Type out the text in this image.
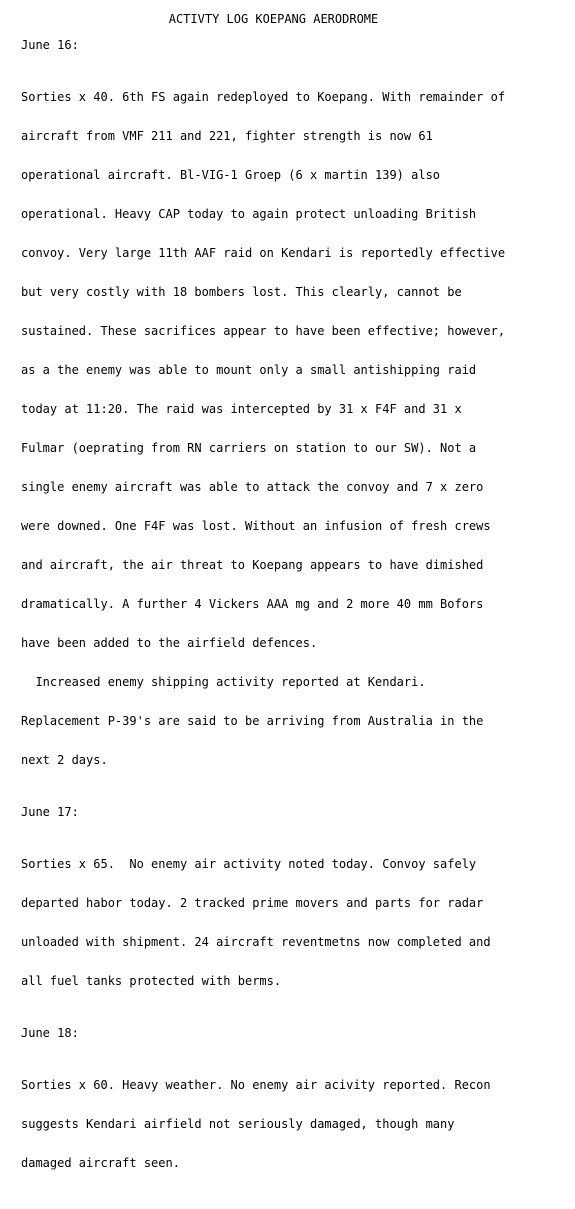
ACTIVTY LOG KOEPANG AERODROME
June 16:

Sorties x 40. 6th FS again redeployed to Koepang. With remainder of

aircraft from VMF 211 and 221, fighter strength is now 61

operational aircraft. Bl-VIG-1 Groep (6 x martin 139) also

operational. Heavy CAP today to again protect unloading British

convoy. Very large 11th AAF raid on Kendari is reportedly effective

but very costly with 18 bombers lost. This clearly, cannot be

sustained. These sacrifices appear to have been effective; however,

as a the enemy was able to mount only a small antishipping raid

today at 11:20. The raid was intercepted by 31 x F4F and 31 x

Fulmar (oeprating from RN carriers on station to our SW). Not a

single enemy aircraft was able to attack the convoy and 7 x zero

were downed. One F4F was lost. Without an infusion of fresh crews

and aircraft, the air threat to Koepang appears to have dimished

dramatically. A further 4 Vickers AAA mg and 2 more 40 mm Bofors

have been added to the airfield defences.

Increased enemy shipping activity reported at Kendari.

Replacement P-39's are said to be arriving from Australia in the

next 2 days.

June 17:

Sorties x 65.  No enemy air activity noted today. Convoy safely

departed habor today. 2 tracked prime movers and parts for radar

unloaded with shipment. 24 aircraft reventmetns now completed and

all fuel tanks protected with berms.

June 18:

Sorties x 60. Heavy weather. No enemy air acivity reported. Recon

suggests Kendari airfield not seriously damaged, though many

damaged aircraft seen.
